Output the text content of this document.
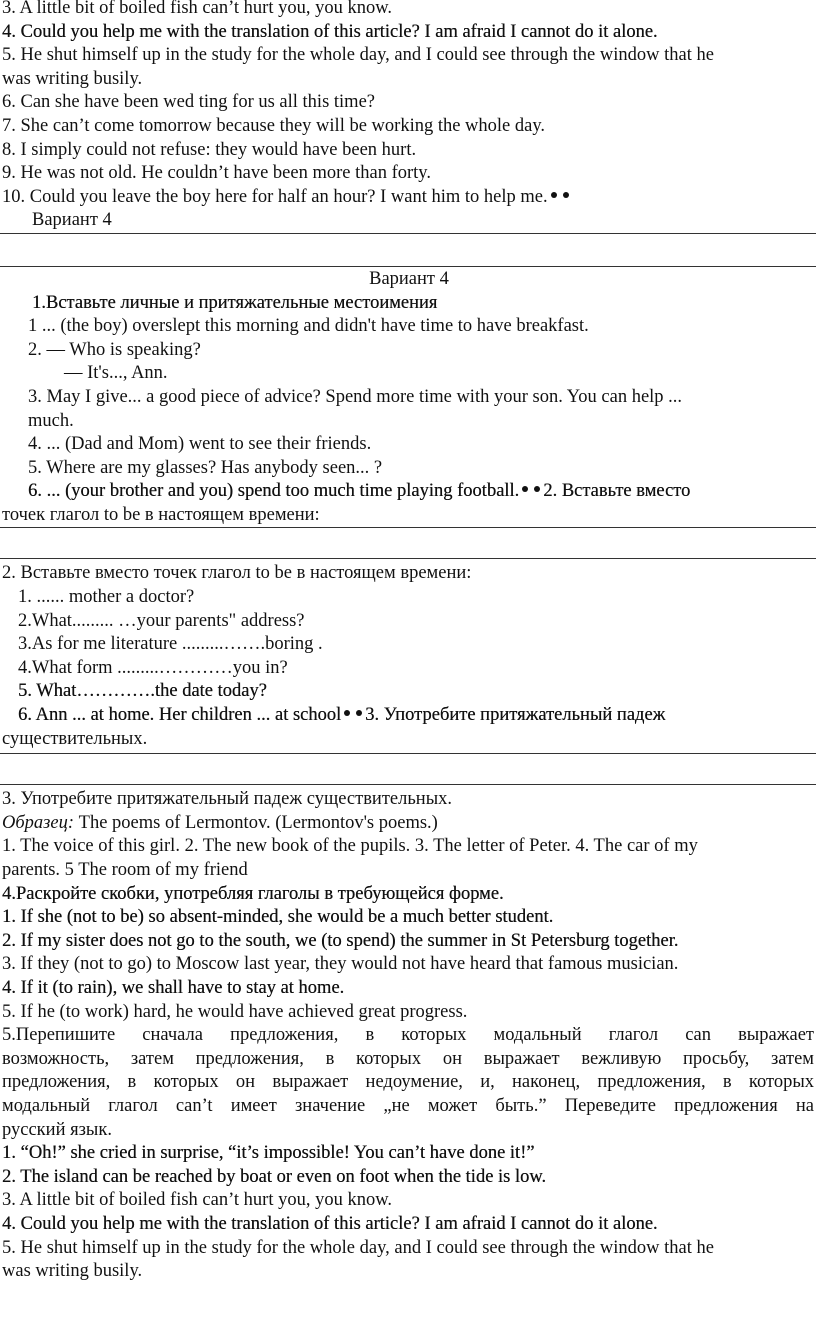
3. A little bit of boiled fish can’t hurt you, you know.
4. Could you help me with the translation of this article? I am afraid I cannot do it alone.
5. He shut himself up in the study for the whole day, and I could see through the window that he
was writing busily.
6. Can she have been wed ting for us all this time?
7. She can’t come tomorrow because they will be working the whole day.
8. I simply could not refuse: they would have been hurt.
9. He was not old. He couldn’t have been more than forty.
10. Could you leave the boy here for half an hour? I want him to help me.
Вариант 4
Вариант 4
1.Вставьте личные и притяжательные местоимения
1 ... (the boy) overslept this morning and didn't have time to have breakfast.
2. — Who is speaking?
— It's..., Ann.
3. May I give... a good piece of advice? Spend more time with your son. You can help ...
much.
4. ... (Dad and Mom) went to see their friends.
5. Where are my glasses? Has anybody seen... ?
6. ... (your brother and you) spend too much time playing football. 2. Вставьте вместо
точек глагол to be в настоящем времени:
2. Вставьте вместо точек глагол to be в настоящем времени:
1. ...... mother a doctor?
2.What......... …your parents" address?
3.As for me literature .........…….boring .
4.What form .........…………you in?
5. What………….the date today?
6. Ann ... at home. Her children ... at school 3. Употребите притяжательный падеж
существительных.
3. Употребите притяжательный падеж существительных.
Образец: The poems of Lermontov. (Lermontov's poems.)
1. The voice of this girl. 2. The new book of the pupils. 3. The letter of Peter. 4. The car of my
parents. 5 The room of my friend
4.Раскройте скобки, употребляя глаголы в требующейся форме.
1. If she (not to be) so absent-minded, she would be a much better student.
2. If my sister does not go to the south, we (to spend) the summer in St Petersburg together.
3. If they (not to go) to Moscow last year, they would not have heard that famous musician.
4. If it (to rain), we shall have to stay at home.
5. If he (to work) hard, he would have achieved great progress.
5.Перепишите сначала предложения, в которых модальный глагол can выражает
возможность, затем предложения, в которых он выражает вежливую просьбу, затем
предложения, в которых он выражает недоумение, и, наконец, предложения, в которых
модальный глагол can’t имеет значение „не может быть.” Переведите предложения на
русский язык.
1. “Oh!” she cried in surprise, “it’s impossible! You can’t have done it!”
2. The island can be reached by boat or even on foot when the tide is low.
3. A little bit of boiled fish can’t hurt you, you know.
4. Could you help me with the translation of this article? I am afraid I cannot do it alone.
5. He shut himself up in the study for the whole day, and I could see through the window that he
was writing busily.
